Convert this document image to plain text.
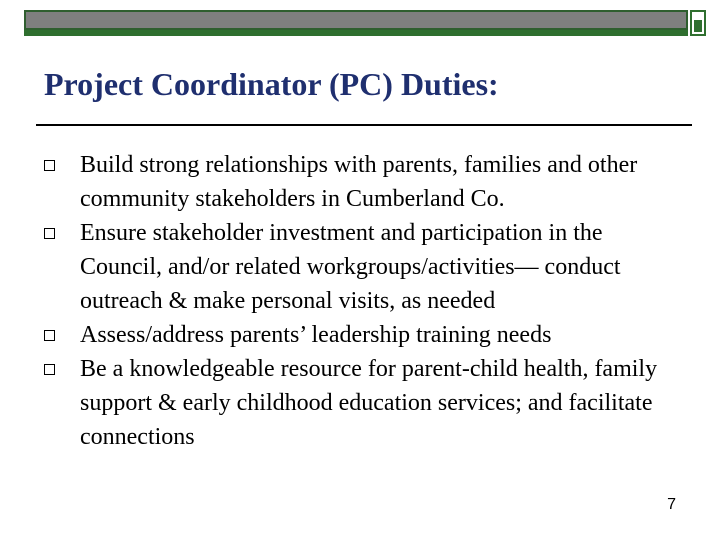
Project Coordinator (PC) Duties:
Build strong relationships with parents, families and other community stakeholders in Cumberland Co.
Ensure stakeholder investment and participation in the Council, and/or related workgroups/activities— conduct outreach & make personal visits, as needed
Assess/address parents’ leadership training needs
Be a knowledgeable resource for parent-child health, family support & early childhood education services; and facilitate connections
7
